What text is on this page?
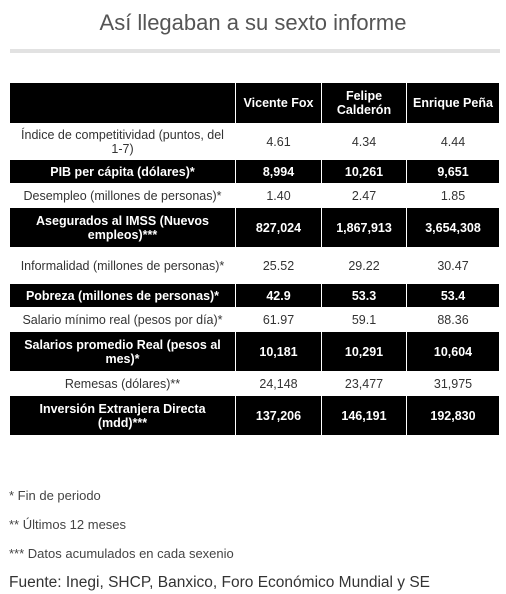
Así llegaban a su sexto informe
	Vicente Fox	Felipe Calderón	Enrique Peña
Índice de competitividad (puntos, del 1-7)	4.61	4.34	4.44
PIB per cápita (dólares)*	8,994	10,261	9,651
Desempleo (millones de personas)*	1.40	2.47	1.85
Asegurados al IMSS (Nuevos empleos)***	827,024	1,867,913	3,654,308
Informalidad (millones de personas)*	25.52	29.22	30.47
Pobreza (millones de personas)*	42.9	53.3	53.4
Salario mínimo real (pesos por día)*	61.97	59.1	88.36
Salarios promedio Real (pesos al mes)*	10,181	10,291	10,604
Remesas (dólares)**	24,148	23,477	31,975
Inversión Extranjera Directa (mdd)***	137,206	146,191	192,830
* Fin de periodo
** Últimos 12 meses
*** Datos acumulados en cada sexenio
Fuente: Inegi, SHCP, Banxico, Foro Económico Mundial y SE
